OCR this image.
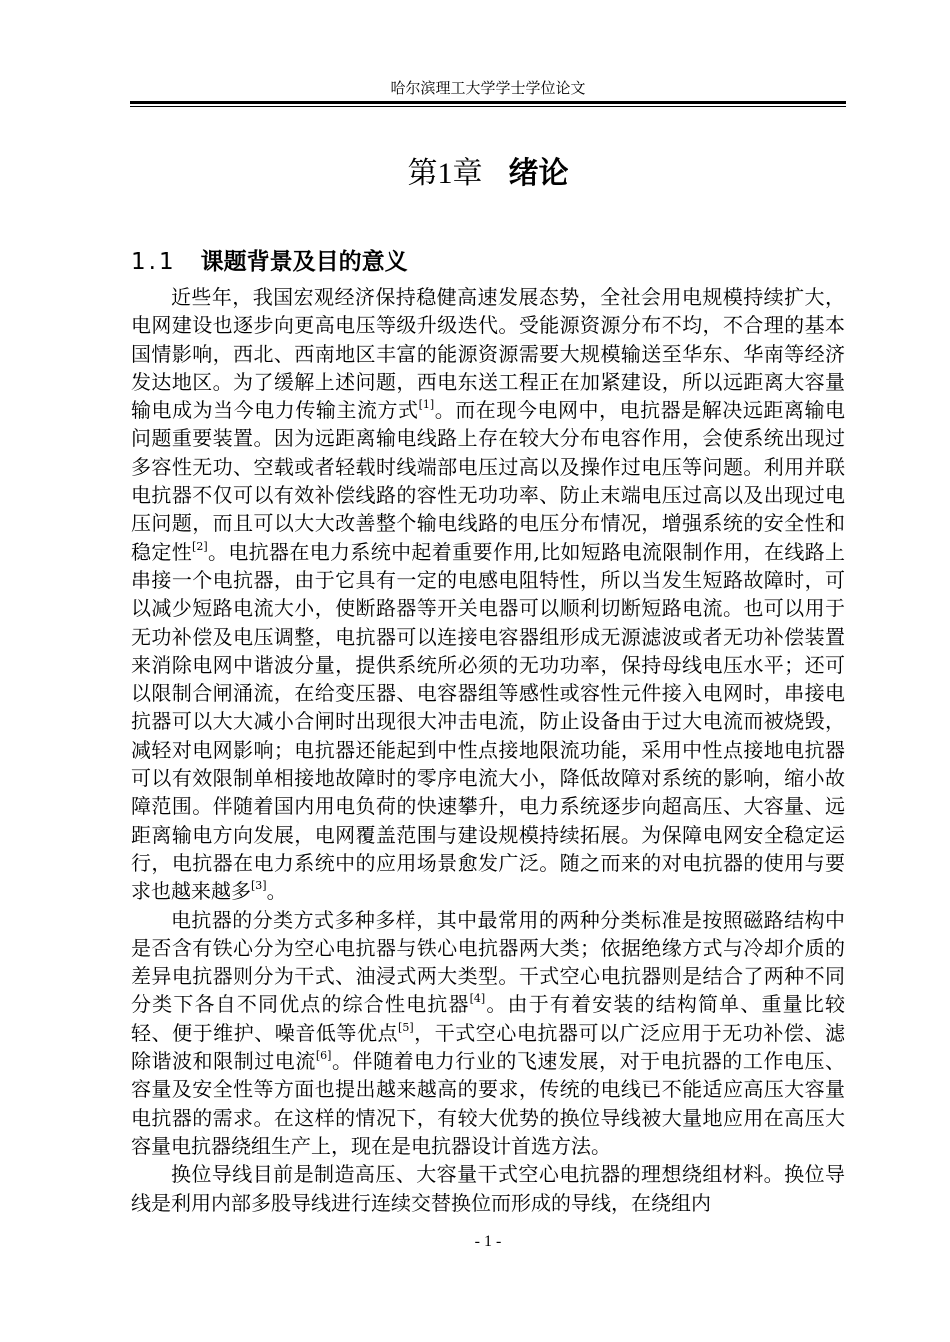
哈尔滨理工大学学士学位论文
第1章 绪论
1.1 课题背景及目的意义

近些年，我国宏观经济保持稳健高速发展态势，全社会用电规模持续扩大，电网建设也逐步向更高电压等级升级迭代。受能源资源分布不均，不合理的基本国情影响，西北、西南地区丰富的能源资源需要大规模输送至华东、华南等经济发达地区。为了缓解上述问题，西电东送工程正在加紧建设，所以远距离大容量输电成为当今电力传输主流方式[1]。而在现今电网中，电抗器是解决远距离输电问题重要装置。因为远距离输电线路上存在较大分布电容作用，会使系统出现过多容性无功、空载或者轻载时线端部电压过高以及操作过电压等问题。利用并联电抗器不仅可以有效补偿线路的容性无功功率、防止末端电压过高以及出现过电压问题，而且可以大大改善整个输电线路的电压分布情况，增强系统的安全性和稳定性[2]。电抗器在电力系统中起着重要作用,比如短路电流限制作用，在线路上串接一个电抗器，由于它具有一定的电感电阻特性，所以当发生短路故障时，可以减少短路电流大小，使断路器等开关电器可以顺利切断短路电流。也可以用于无功补偿及电压调整，电抗器可以连接电容器组形成无源滤波或者无功补偿装置来消除电网中谐波分量，提供系统所必须的无功功率，保持母线电压水平；还可以限制合闸涌流，在给变压器、电容器组等感性或容性元件接入电网时，串接电抗器可以大大减小合闸时出现很大冲击电流，防止设备由于过大电流而被烧毁，减轻对电网影响；电抗器还能起到中性点接地限流功能，采用中性点接地电抗器可以有效限制单相接地故障时的零序电流大小，降低故障对系统的影响，缩小故障范围。伴随着国内用电负荷的快速攀升，电力系统逐步向超高压、大容量、远距离输电方向发展，电网覆盖范围与建设规模持续拓展。为保障电网安全稳定运行，电抗器在电力系统中的应用场景愈发广泛。随之而来的对电抗器的使用与要求也越来越多[3]。

电抗器的分类方式多种多样，其中最常用的两种分类标准是按照磁路结构中是否含有铁心分为空心电抗器与铁心电抗器两大类；依据绝缘方式与冷却介质的差异电抗器则分为干式、油浸式两大类型。干式空心电抗器则是结合了两种不同分类下各自不同优点的综合性电抗器[4]。由于有着安装的结构简单、重量比较轻、便于维护、噪音低等优点[5]，干式空心电抗器可以广泛应用于无功补偿、滤除谐波和限制过电流[6]。伴随着电力行业的飞速发展，对于电抗器的工作电压、容量及安全性等方面也提出越来越高的要求，传统的电线已不能适应高压大容量电抗器的需求。在这样的情况下，有较大优势的换位导线被大量地应用在高压大容量电抗器绕组生产上，现在是电抗器设计首选方法。

换位导线目前是制造高压、大容量干式空心电抗器的理想绕组材料。换位导线是利用内部多股导线进行连续交替换位而形成的导线，在绕组内

- 1 -
